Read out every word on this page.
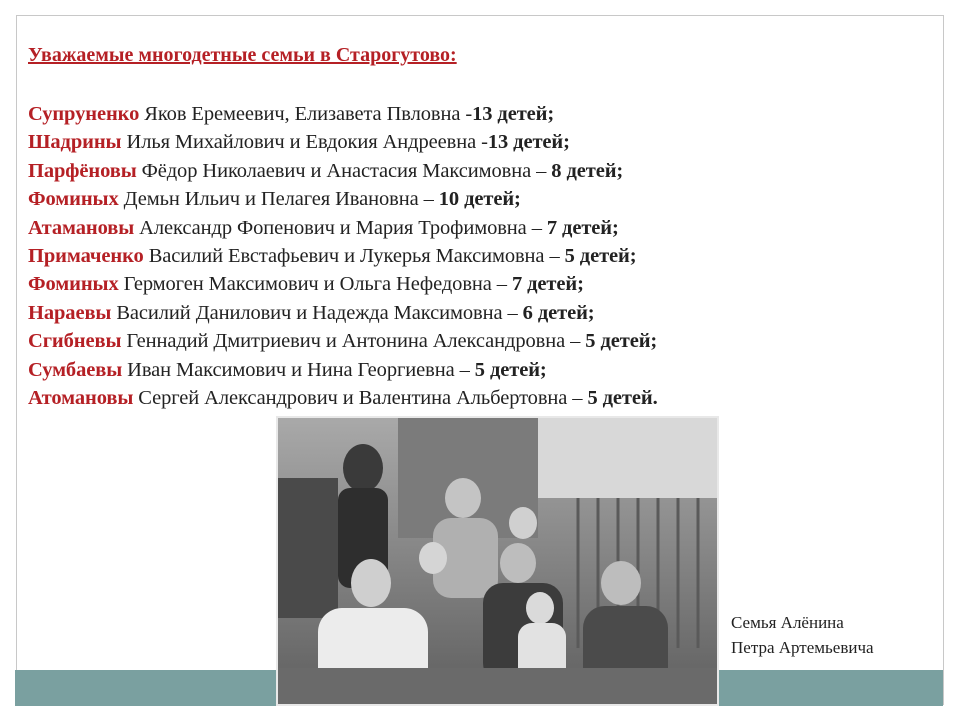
Уважаемые многодетные семьи в Старогутово:
Супруненко Яков Еремеевич, Елизавета Пвловна -13 детей;
Шадрины Илья Михайлович и Евдокия Андреевна -13 детей;
Парфёновы Фёдор Николаевич и Анастасия Максимовна – 8 детей;
Фоминых Демьн Ильич и Пелагея Ивановна – 10 детей;
Атамановы Александр Фопенович и Мария Трофимовна – 7 детей;
Примаченко Василий Евстафьевич и Лукерья Максимовна – 5 детей;
Фоминых Гермоген Максимович и Ольга Нефедовна – 7 детей;
Нараевы Василий Данилович и Надежда Максимовна – 6 детей;
Сгибневы Геннадий Дмитриевич и Антонина Александровна – 5 детей;
Сумбаевы Иван Максимович и Нина Георгиевна – 5 детей;
Атомановы Сергей Александрович и Валентина Альбертовна – 5 детей.
Семья Алёнина
Петра Артемьевича
